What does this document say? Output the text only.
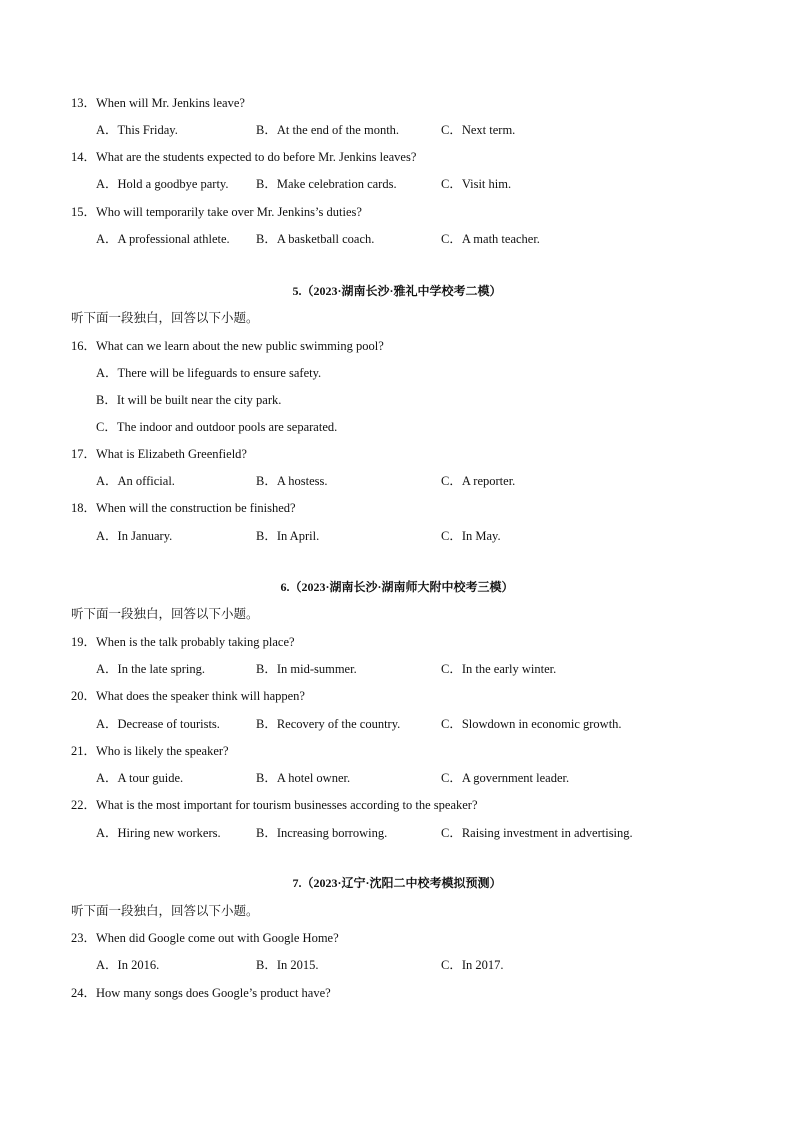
13．When will Mr. Jenkins leave?
A．This Friday.	B．At the end of the month.	C．Next term.
14．What are the students expected to do before Mr. Jenkins leaves?
A．Hold a goodbye party. B．Make celebration cards.	C．Visit him.
15．Who will temporarily take over Mr. Jenkins’s duties?
A．A professional athlete. B．A basketball coach.	C．A math teacher.
5.（2023·湖南长沙·雅礼中学校考二模）
听下面一段独白，回答以下小题。
16．What can we learn about the new public swimming pool?
A．There will be lifeguards to ensure safety.
B．It will be built near the city park.
C．The indoor and outdoor pools are separated.
17．What is Elizabeth Greenfield?
A．An official.	B．A hostess.	C．A reporter.
18．When will the construction be finished?
A．In January.	B．In April.	C．In May.
6.（2023·湖南长沙·湖南师大附中校考三模）
听下面一段独白，回答以下小题。
19．When is the talk probably taking place?
A．In the late spring.	B．In mid-summer.	C．In the early winter.
20．What does the speaker think will happen?
A．Decrease of tourists.	B．Recovery of the country.	C．Slowdown in economic growth.
21．Who is likely the speaker?
A．A tour guide.	B．A hotel owner.	C．A government leader.
22．What is the most important for tourism businesses according to the speaker?
A．Hiring new workers.	B．Increasing borrowing.	C．Raising investment in advertising.
7.（2023·辽宁·沈阳二中校考模拟预测）
听下面一段独白，回答以下小题。
23．When did Google come out with Google Home?
A．In 2016.	B．In 2015.	C．In 2017.
24．How many songs does Google’s product have?
